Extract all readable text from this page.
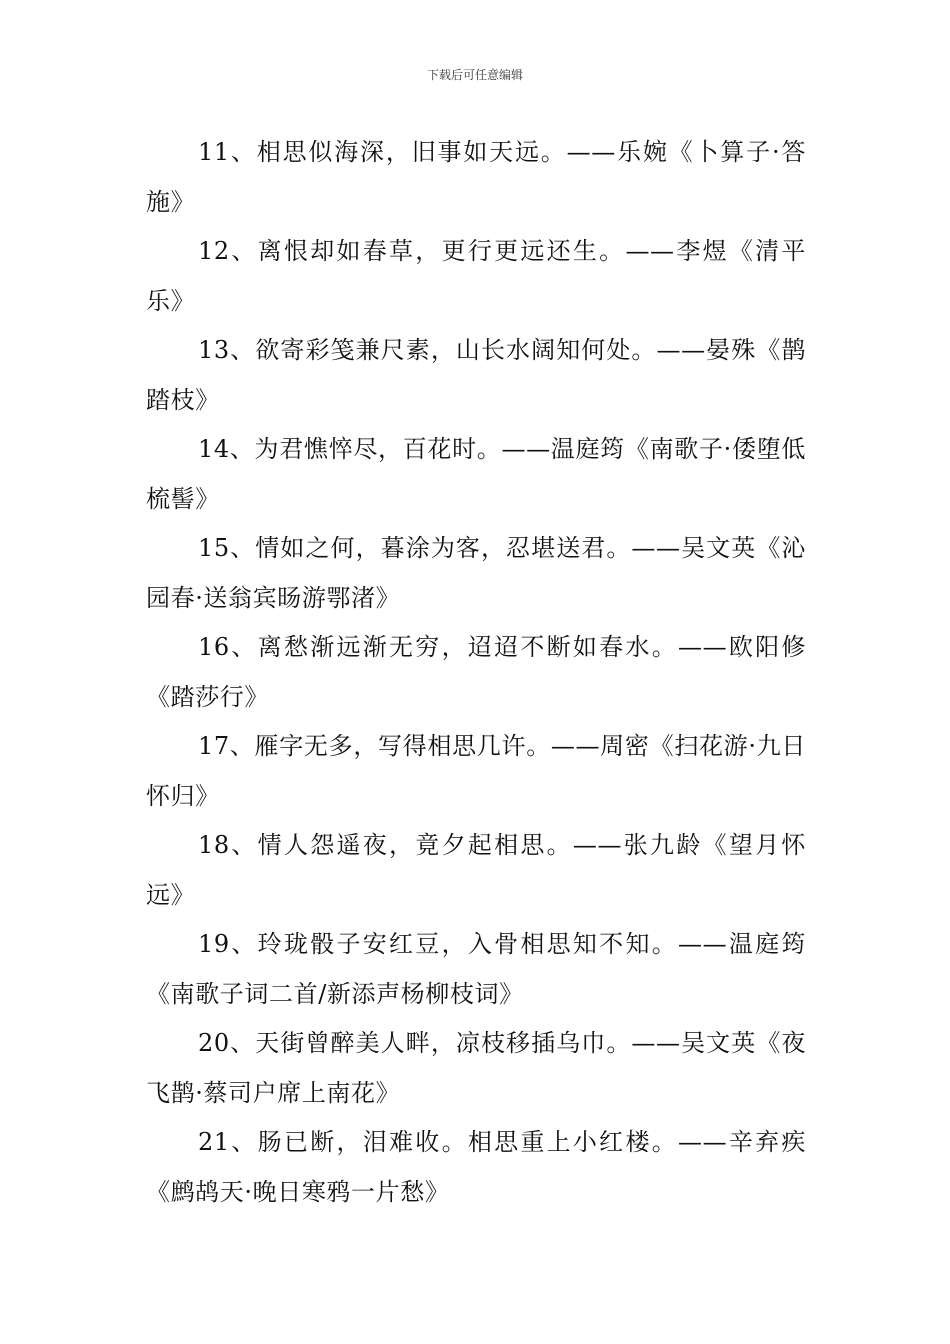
下载后可任意编辑

11、相思似海深，旧事如天远。——乐婉《卜算子·答施》

12、离恨却如春草，更行更远还生。——李煜《清平乐》

13、欲寄彩笺兼尺素，山长水阔知何处。——晏殊《鹊踏枝》

14、为君憔悴尽，百花时。——温庭筠《南歌子·倭堕低梳髻》

15、情如之何，暮涂为客，忍堪送君。——吴文英《沁园春·送翁宾旸游鄂渚》

16、离愁渐远渐无穷，迢迢不断如春水。——欧阳修《踏莎行》

17、雁字无多，写得相思几许。——周密《扫花游·九日怀归》

18、情人怨遥夜，竟夕起相思。——张九龄《望月怀远》

19、玲珑骰子安红豆，入骨相思知不知。——温庭筠《南歌子词二首/新添声杨柳枝词》

20、天街曾醉美人畔，凉枝移插乌巾。——吴文英《夜飞鹊·蔡司户席上南花》

21、肠已断，泪难收。相思重上小红楼。——辛弃疾《鹧鸪天·晚日寒鸦一片愁》
